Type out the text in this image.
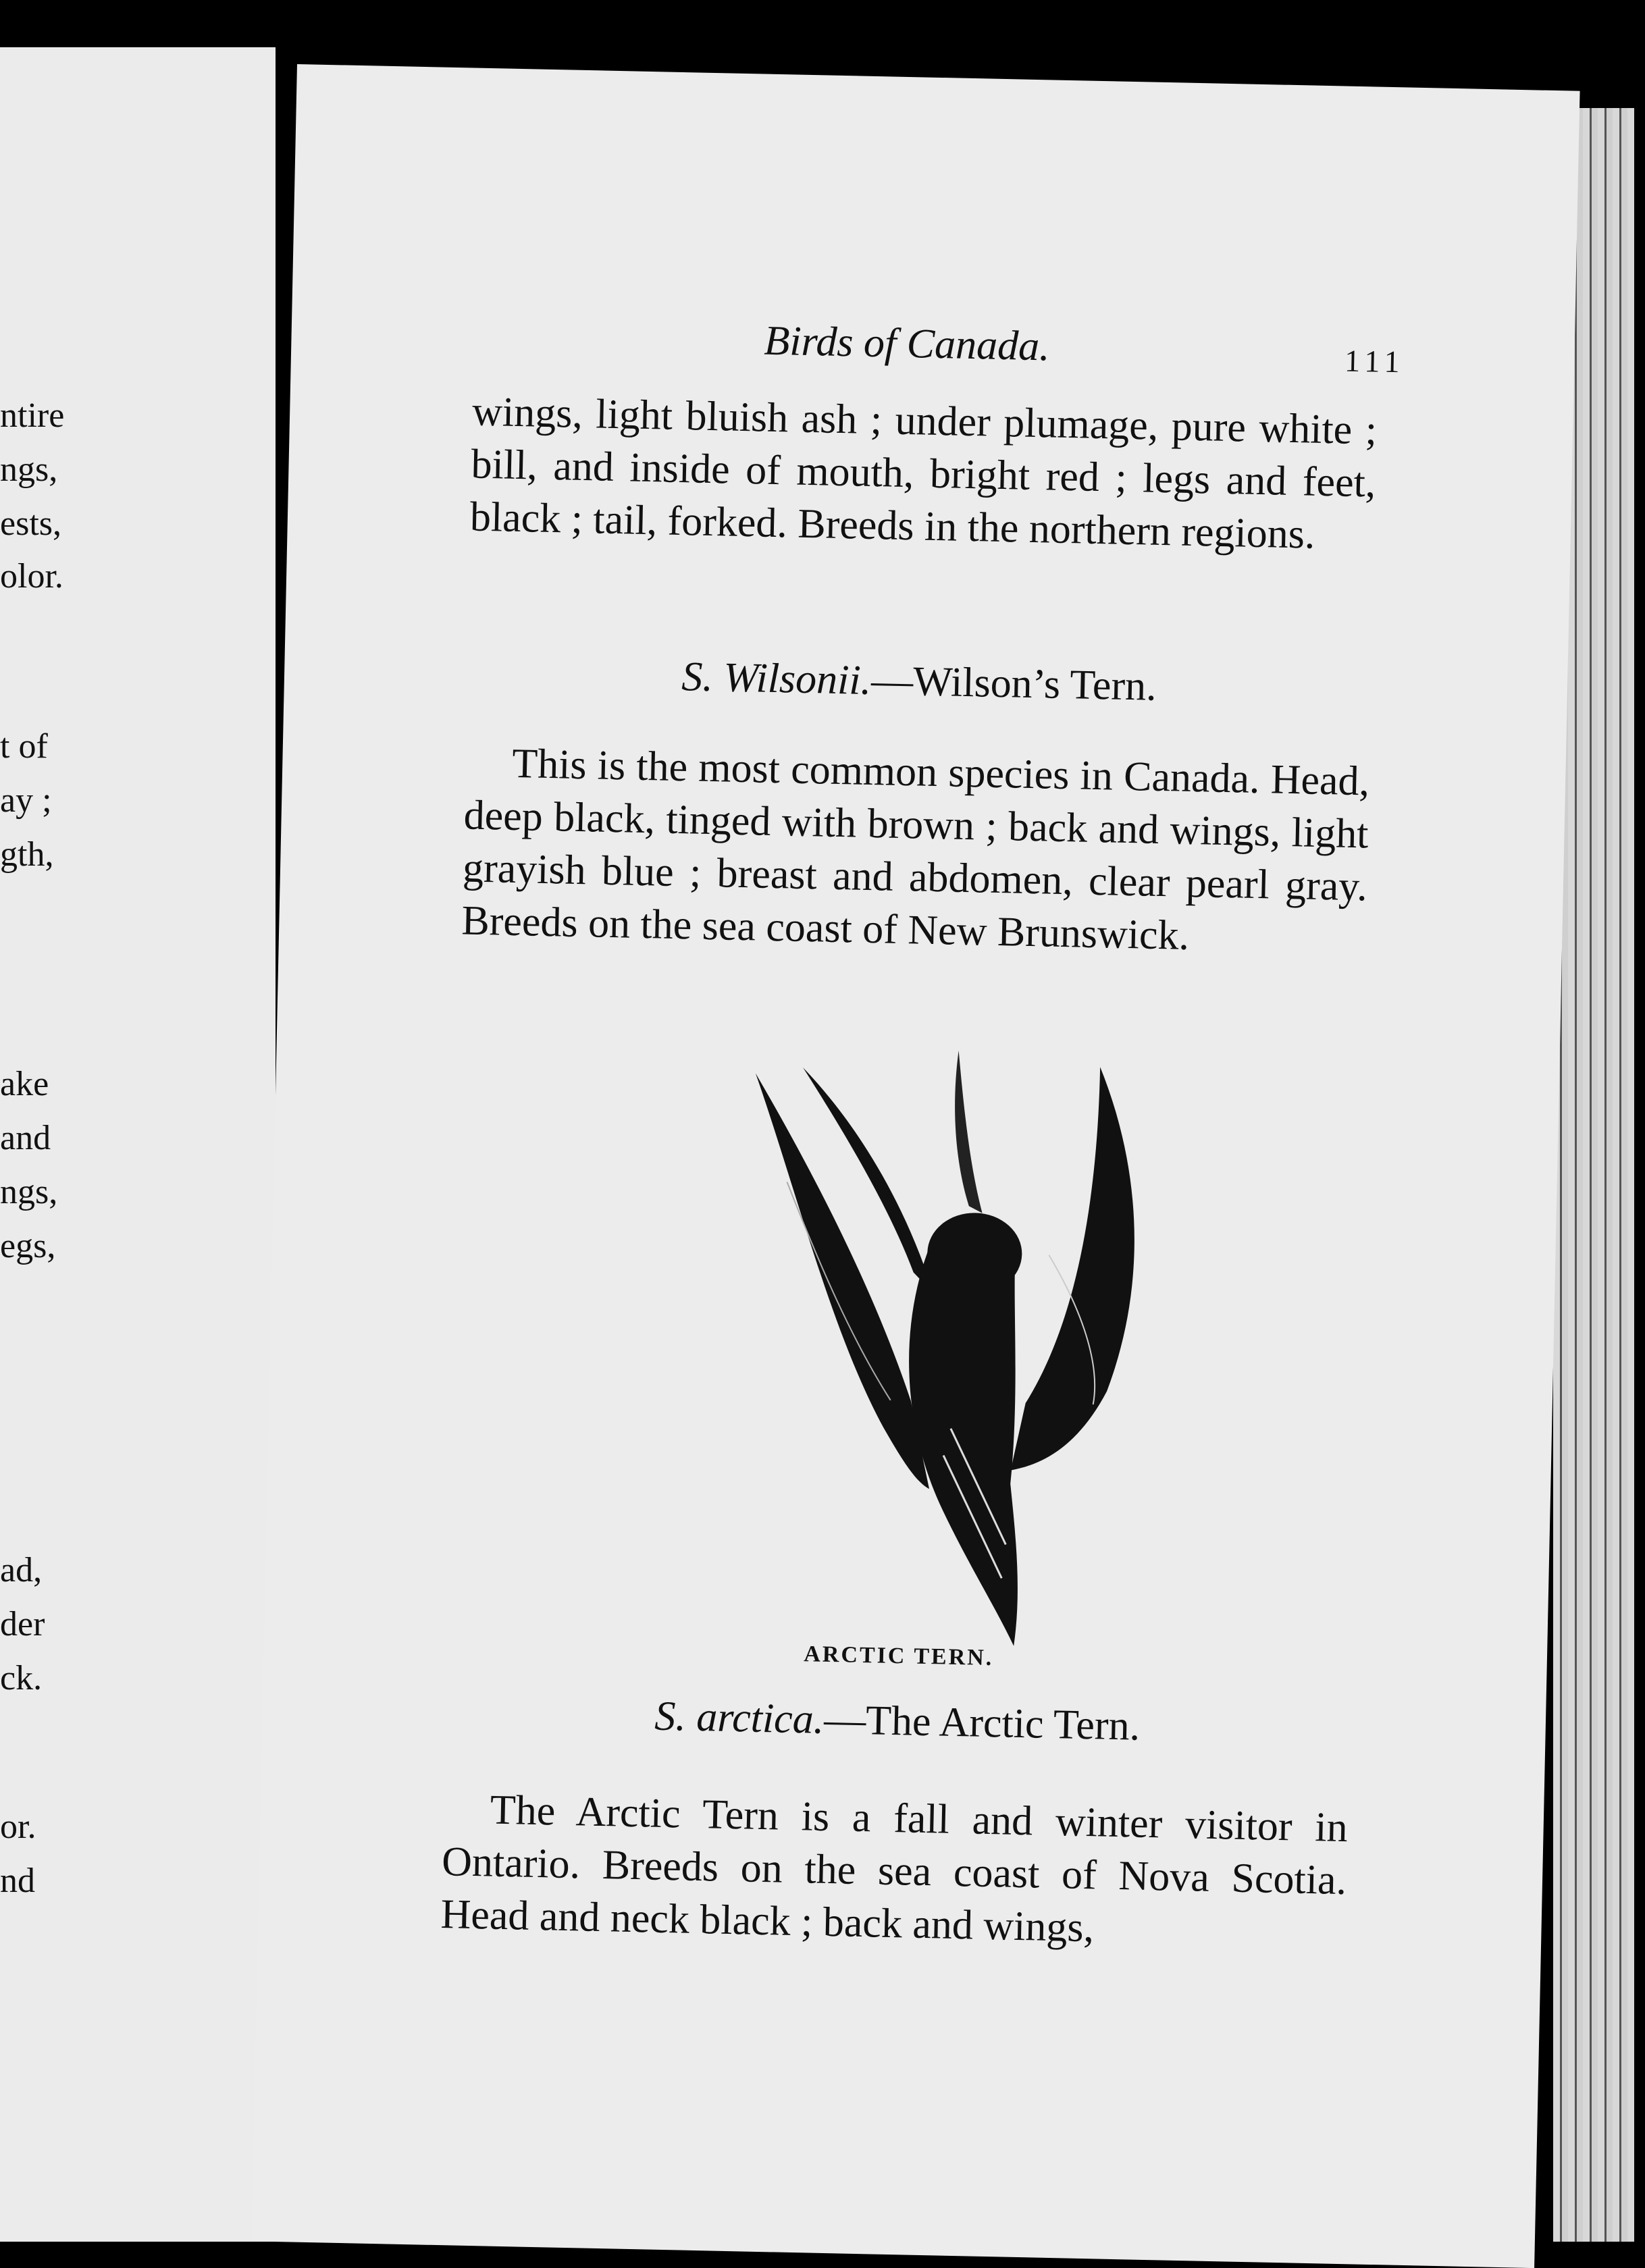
ntire
ngs,
ests,
olor.
t of
ay ;
gth,
ake
and
ngs,
egs,
ad,
der
ck.
or.
nd
Birds of Canada.	111

wings, light bluish ash ; under plumage, pure white ; bill, and inside of mouth, bright red ; legs and feet, black ; tail, forked. Breeds in the northern regions.

S. Wilsonii.—Wilson’s Tern.

This is the most common species in Canada. Head, deep black, tinged with brown ; back and wings, light grayish blue ; breast and abdomen, clear pearl gray. Breeds on the sea coast of New Brunswick.

ARCTIC TERN.
S. arctica.—The Arctic Tern.

The Arctic Tern is a fall and winter visitor in Ontario. Breeds on the sea coast of Nova Scotia. Head and neck black ; back and wings,
